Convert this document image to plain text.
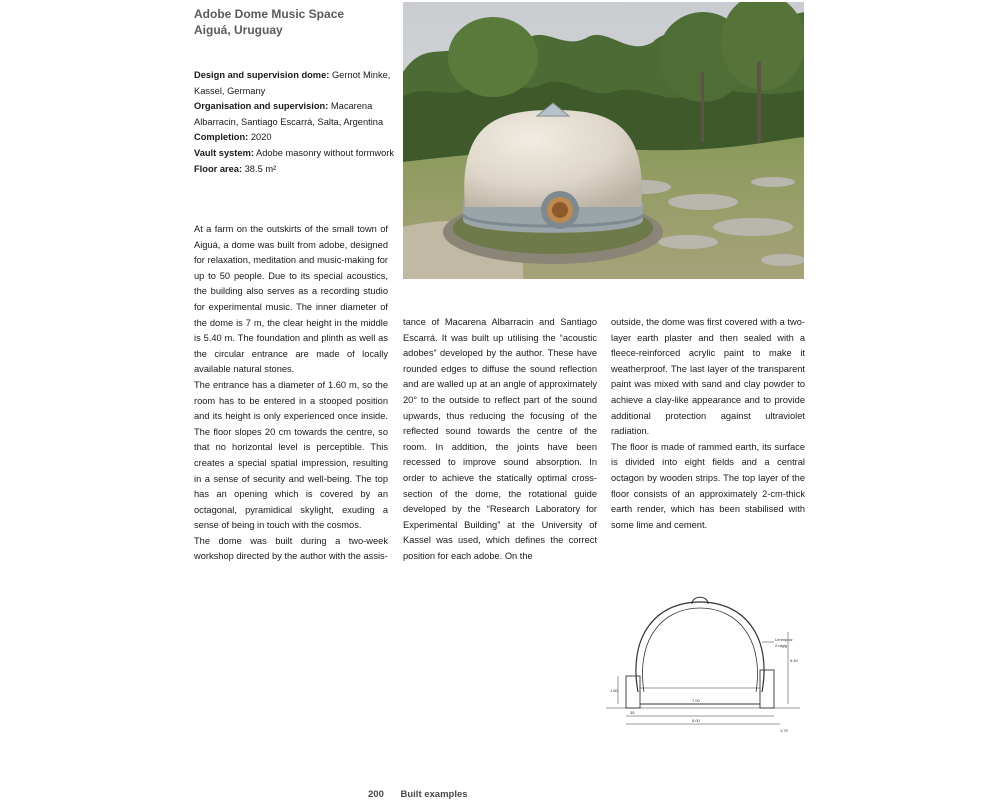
Adobe Dome Music Space
Aiguá, Uruguay
Design and supervision dome: Gernot Minke, Kassel, Germany
Organisation and supervision: Macarena Albarracin, Santiago Escarrá, Salta, Argentina
Completion: 2020
Vault system: Adobe masonry without formwork
Floor area: 38.5 m²

At a farm on the outskirts of the small town of Aiguá, a dome was built from adobe, designed for relaxation, meditation and music-making for up to 50 people. Due to its special acoustics, the building also serves as a recording studio for experimental music. The inner diameter of the dome is 7 m, the clear height in the middle is 5.40 m. The foundation and plinth as well as the circular entrance are made of locally available natural stones.

The entrance has a diameter of 1.60 m, so the room has to be entered in a stooped position and its height is only experienced once inside. The floor slopes 20 cm towards the centre, so that no horizontal level is perceptible. This creates a special spatial impression, resulting in a sense of security and well-being. The top has an opening which is covered by an octagonal, pyramidical skylight, exuding a sense of being in touch with the cosmos.

The dome was built during a two-week workshop directed by the author with the assis-

tance of Macarena Albarracin and Santiago Escarrá. It was built up utilising the “acoustic adobes” developed by the author. These have rounded edges to diffuse the sound reflection and are walled up at an angle of approximately 20° to the outside to reflect part of the sound upwards, thus reducing the focusing of the reflected sound towards the centre of the room. In addition, the joints have been recessed to improve sound absorption. In order to achieve the statically optimal cross-section of the dome, the rotational guide developed by the “Research Laboratory for Experimental Building” at the University of Kassel was used, which defines the correct position for each adobe. On the

outside, the dome was first covered with a two-layer earth plaster and then sealed with a fleece-reinforced acrylic paint to make it weatherproof. The last layer of the transparent paint was mixed with sand and clay powder to achieve a clay-like appearance and to provide additional protection against ultraviolet radiation.

The floor is made of rammed earth, its surface is divided into eight fields and a central octagon by wooden strips. The top layer of the floor consists of an approximately 2-cm-thick earth render, which has been stabilised with some lime and cement.

Lehmputz
2-lagig
5.40
1.60
7.00
8.00
35
1:75
200 Built examples
